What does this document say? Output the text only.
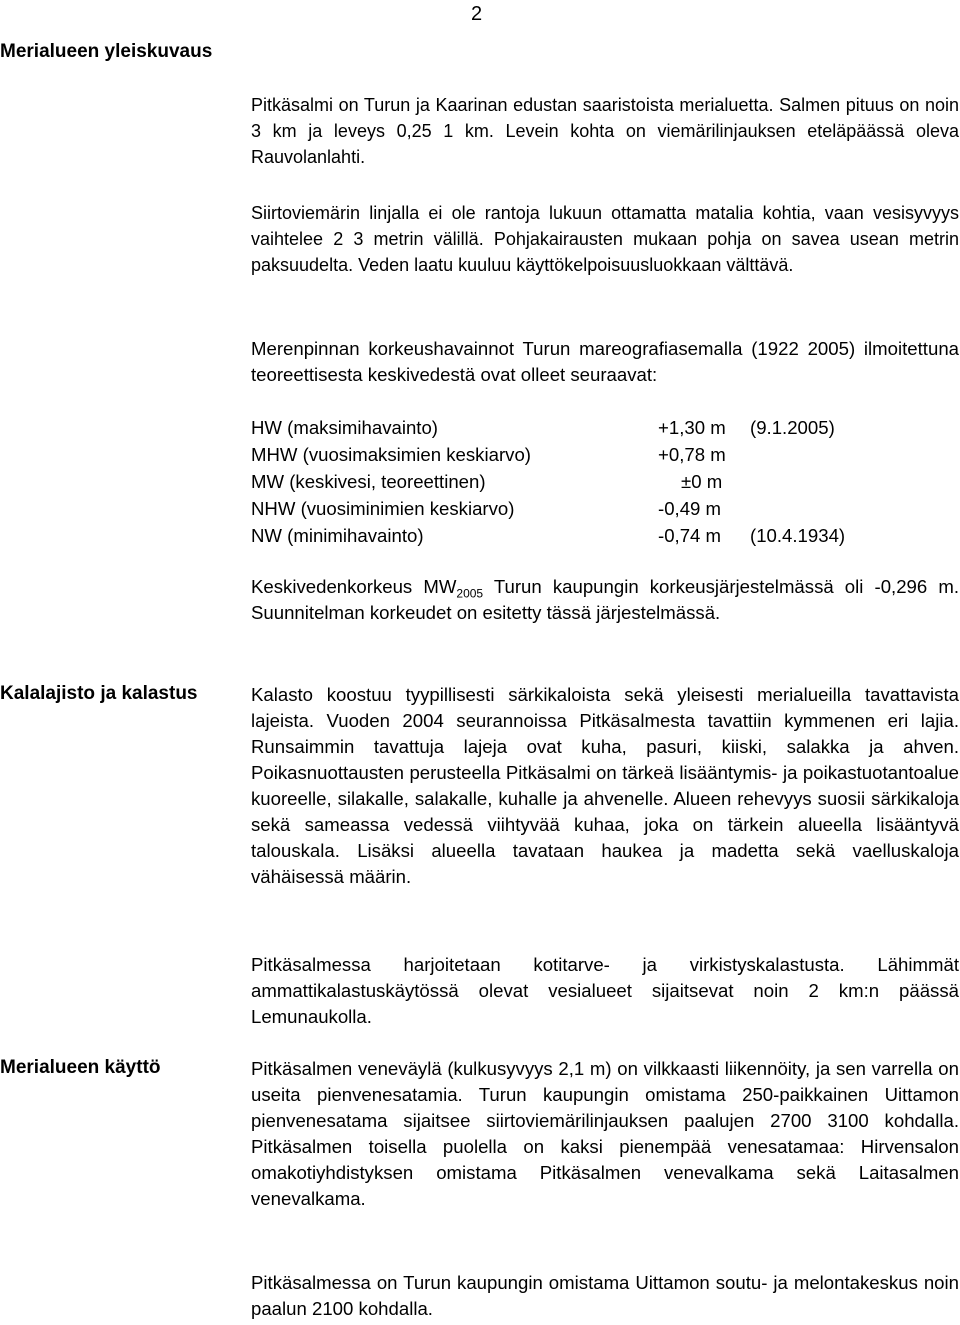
2
Merialueen yleiskuvaus

Pitkäsalmi on Turun ja Kaarinan edustan saaristoista merialuetta. Salmen pituus on noin 3 km ja leveys 0,25 1 km. Levein kohta on viemärilinjauksen eteläpäässä oleva Rauvolanlahti.

Siirtoviemärin linjalla ei ole rantoja lukuun ottamatta matalia kohtia, vaan vesisyvyys vaihtelee 2 3 metrin välillä. Pohjakairausten mukaan pohja on savea usean metrin paksuudelta. Veden laatu kuuluu käyttökelpoisuusluokkaan välttävä.

Merenpinnan korkeushavainnot Turun mareografiasemalla (1922 2005) ilmoitettuna teoreettisesta keskivedestä ovat olleet seuraavat:

HW (maksimihavainto)	+1,30 m (9.1.2005)
MHW (vuosimaksimien keskiarvo)	+0,78 m
MW (keskivesi, teoreettinen)	±0 m
NHW (vuosiminimien keskiarvo)	-0,49 m
NW (minimihavainto)	-0,74 m (10.4.1934)

Keskivedenkorkeus $MW_{2005}$ Turun kaupungin korkeusjärjestelmässä oli -0,296 m. Suunnitelman korkeudet on esitetty tässä järjestelmässä.

Kalalajisto ja kalastus	Kalasto koostuu tyypillisesti särkikaloista sekä yleisesti merialueilla tavattavista lajeista. Vuoden 2004 seurannoissa Pitkäsalmesta tavattiin kymmenen eri lajia. Runsaimmin tavattuja lajeja ovat kuha, pasuri, kiiski, salakka ja ahven. Poikasnuottausten perusteella Pitkäsalmi on tärkeä lisääntymis- ja poikastuotantoalue kuoreelle, silakalle, salakalle, kuhalle ja ahvenelle. Alueen rehevyys suosii särkikaloja sekä sameassa vedessä viihtyvää kuhaa, joka on tärkein alueella lisääntyvä talouskala. Lisäksi alueella tavataan haukea ja madetta sekä vaelluskaloja vähäisessä määrin.

Pitkäsalmessa harjoitetaan kotitarve- ja virkistyskalastusta. Lähimmät ammattikalastuskäytössä olevat vesialueet sijaitsevat noin 2 km:n päässä Lemunaukolla.

Merialueen käyttö	Pitkäsalmen veneväylä (kulkusyvyys 2,1 m) on vilkkaasti liikennöity, ja sen varrella on useita pienvenesatamia. Turun kaupungin omistama 250-paikkainen Uittamon pienvenesatama sijaitsee siirtoviemärilinjauksen paalujen 2700 3100 kohdalla. Pitkäsalmen toisella puolella on kaksi pienempää venesatamaa: Hirvensalon omakotiyhdistyksen omistama Pitkäsalmen venevalkama sekä Laitasalmen venevalkama.

Pitkäsalmessa on Turun kaupungin omistama Uittamon soutu- ja melontakeskus noin paalun 2100 kohdalla.
